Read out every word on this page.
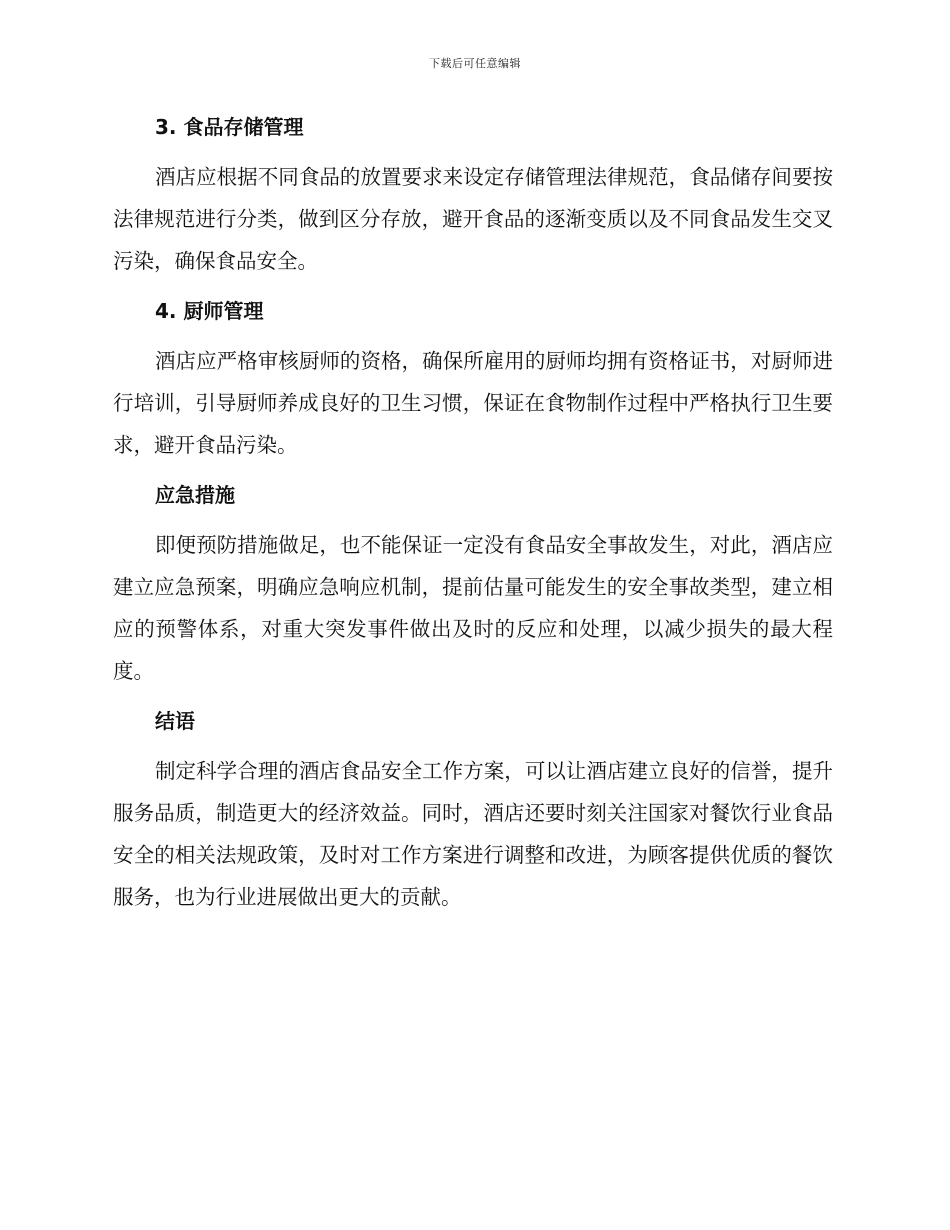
下载后可任意编辑
3. 食品存储管理

酒店应根据不同食品的放置要求来设定存储管理法律规范，食品储存间要按法律规范进行分类，做到区分存放，避开食品的逐渐变质以及不同食品发生交叉污染，确保食品安全。

4. 厨师管理

酒店应严格审核厨师的资格，确保所雇用的厨师均拥有资格证书，对厨师进行培训，引导厨师养成良好的卫生习惯，保证在食物制作过程中严格执行卫生要求，避开食品污染。

应急措施

即便预防措施做足，也不能保证一定没有食品安全事故发生，对此，酒店应建立应急预案，明确应急响应机制，提前估量可能发生的安全事故类型，建立相应的预警体系，对重大突发事件做出及时的反应和处理，以减少损失的最大程度。

结语

制定科学合理的酒店食品安全工作方案，可以让酒店建立良好的信誉，提升服务品质，制造更大的经济效益。同时，酒店还要时刻关注国家对餐饮行业食品安全的相关法规政策，及时对工作方案进行调整和改进，为顾客提供优质的餐饮服务，也为行业进展做出更大的贡献。
